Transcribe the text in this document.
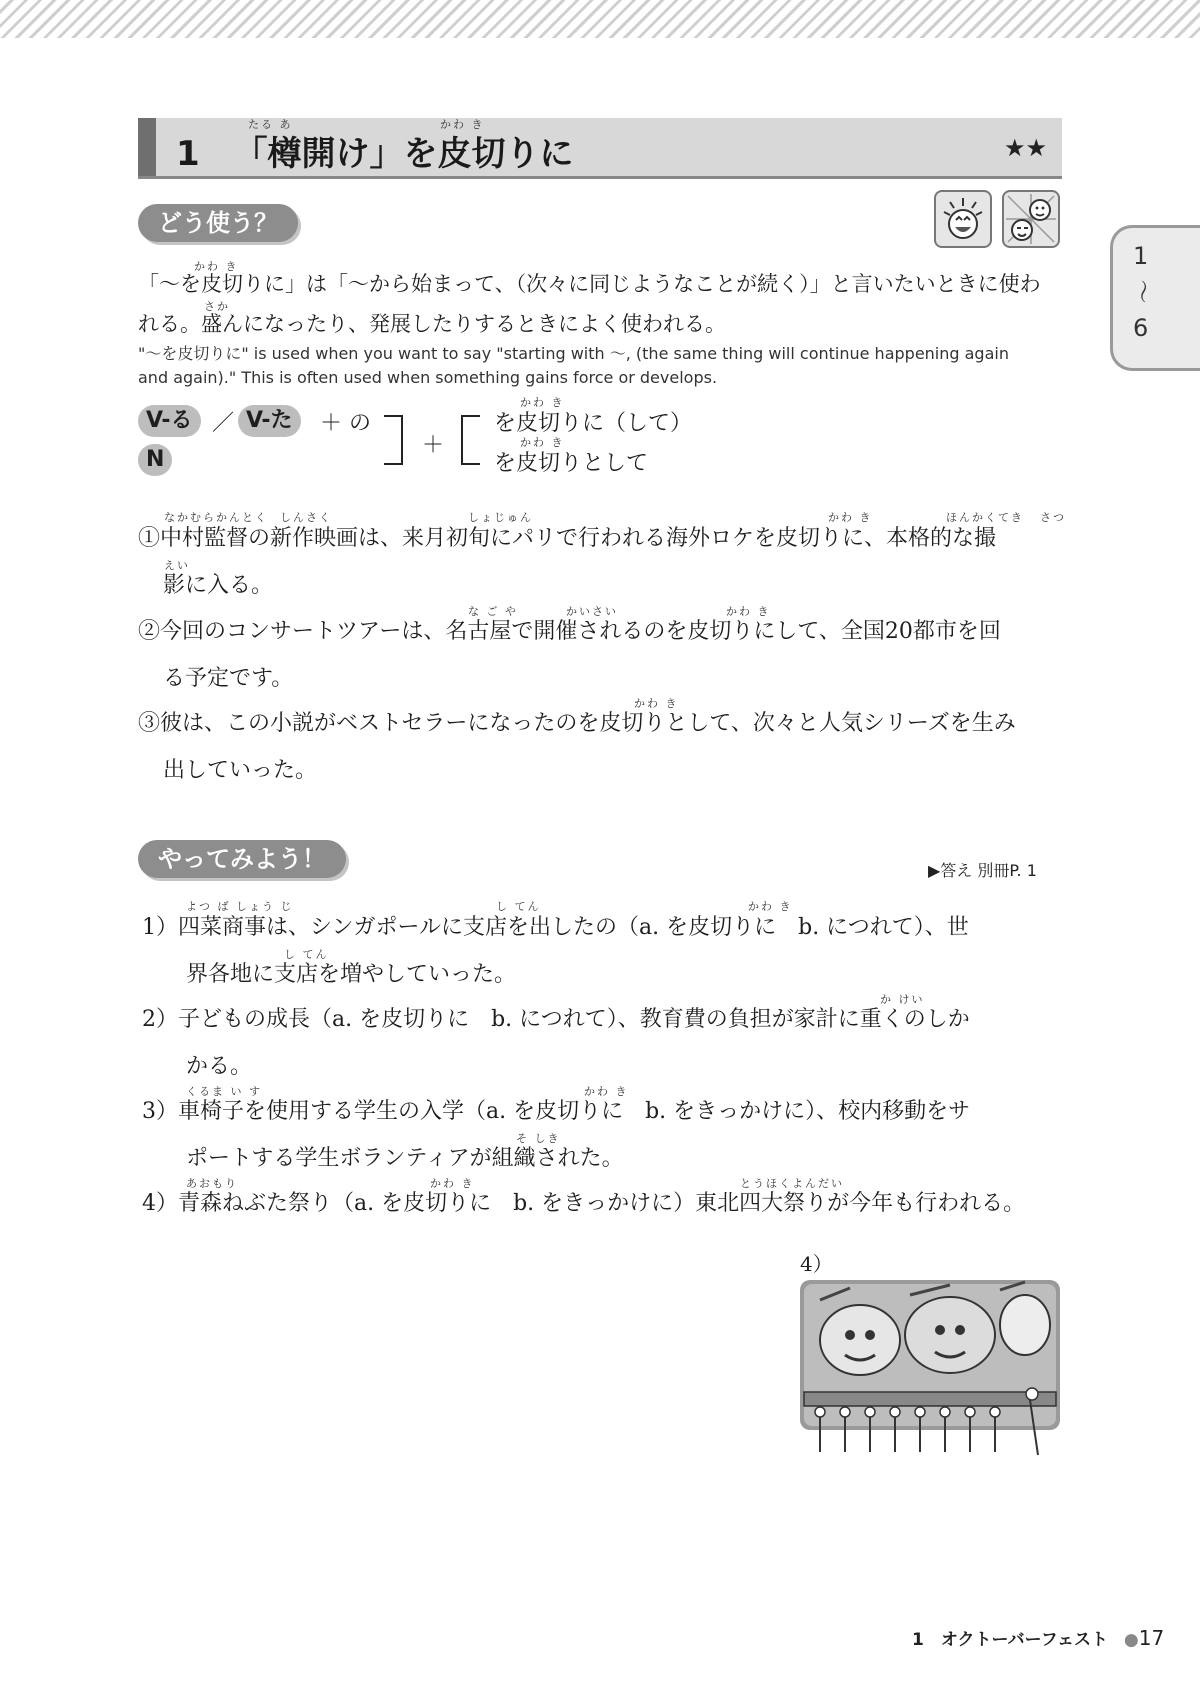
たる あ	かわ き
1 「樽開け」を皮切りに	★★
1
〜
6
どう使う？
かわ き
「〜を皮切りに」は「〜から始まって、（次々に同じようなことが続く）」と言いたいときに使わ
さか
れる。盛んになったり、発展したりするときによく使われる。
"〜を皮切りに" is used when you want to say "starting with 〜, (the same thing will continue happening again
and again)." This is often used when something gains force or develops.
V-る ／ V-た	＋ の
N
＋
かわ き
を皮切りに（して）
かわ き
を皮切りとして
なかむらかんとく しんさく	しょじゅん	かわ き	ほんかくてき さつ
①中村監督の新作映画は、来月初旬にパリで行われる海外ロケを皮切りに、本格的な撮
えい
影に入る。
な ご や	かいさい	かわ き
②今回のコンサートツアーは、名古屋で開催されるのを皮切りにして、全国20都市を回
る予定です。
かわ き
③彼は、この小説がベストセラーになったのを皮切りとして、次々と人気シリーズを生み
出していった。
やってみよう！	▶答え 別冊P. 1
よつ ば しょう じ	し てん	かわ き
1）四菜商事は、シンガポールに支店を出したの（a. を皮切りに　b. につれて）、世
し てん
界各地に支店を増やしていった。
か けい
2）子どもの成長（a. を皮切りに　b. につれて）、教育費の負担が家計に重くのしか
かる。
くるま い す	かわ き
3）車椅子を使用する学生の入学（a. を皮切りに　b. をきっかけに）、校内移動をサ
そ しき
ポートする学生ボランティアが組織された。
あおもり	かわ き	とうほくよんだい
4）青森ねぶた祭り（a. を皮切りに　b. をきっかけに）東北四大祭りが今年も行われる。
4）
1　オクトーバーフェスト ●17
